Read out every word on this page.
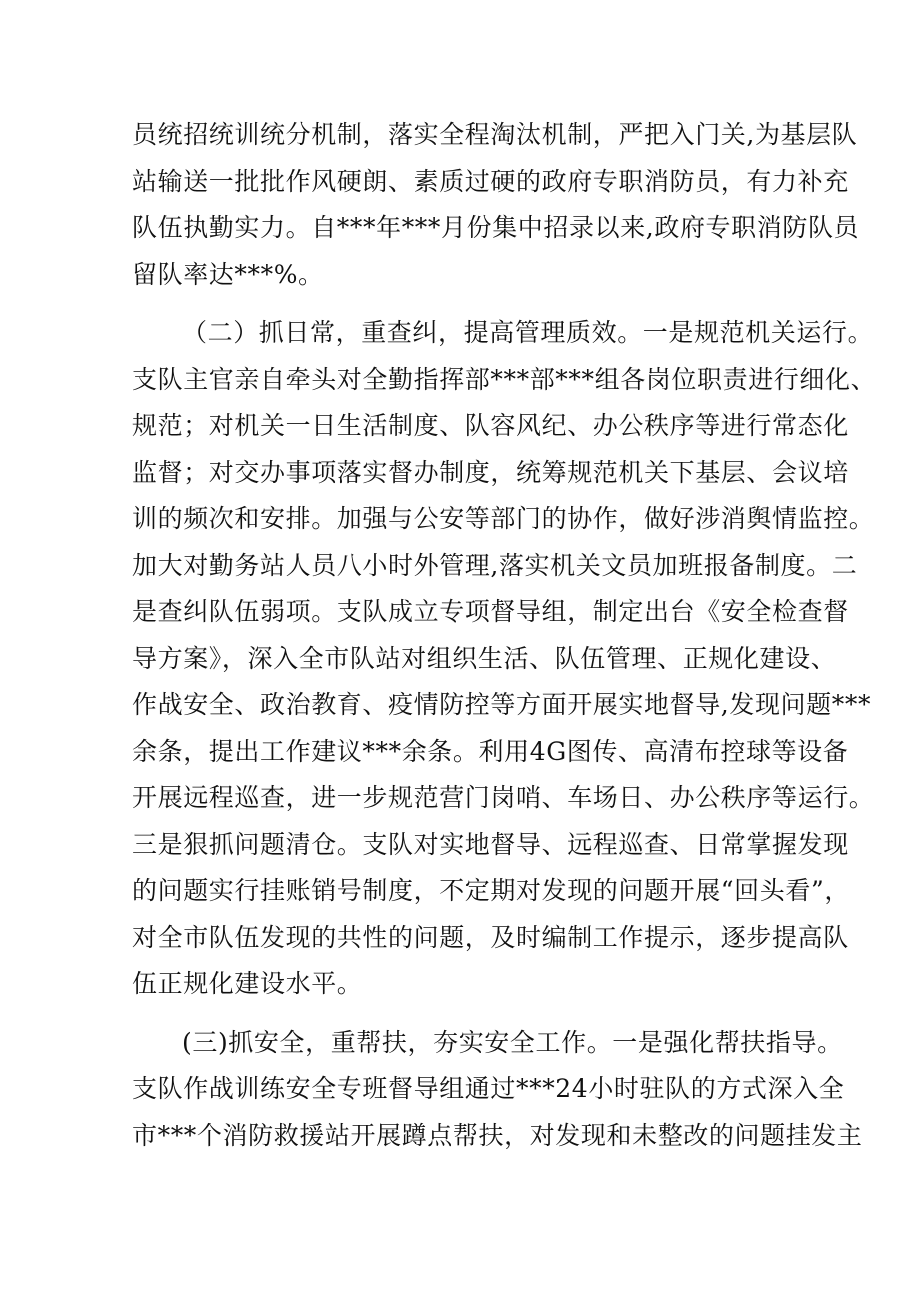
员统招统训统分机制，落实全程淘汰机制，严把入门关,为基层队
站输送一批批作风硬朗、素质过硬的政府专职消防员，有力补充
队伍执勤实力。自***年***月份集中招录以来,政府专职消防队员
留队率达***%。
（二）抓日常，重查纠，提高管理质效。一是规范机关运行。
支队主官亲自牵头对全勤指挥部***部***组各岗位职责进行细化、
规范；对机关一日生活制度、队容风纪、办公秩序等进行常态化
监督；对交办事项落实督办制度，统筹规范机关下基层、会议培
训的频次和安排。加强与公安等部门的协作，做好涉消舆情监控。
加大对勤务站人员八小时外管理,落实机关文员加班报备制度。二
是查纠队伍弱项。支队成立专项督导组，制定出台《安全检查督
导方案》，深入全市队站对组织生活、队伍管理、正规化建设、
作战安全、政治教育、疫情防控等方面开展实地督导,发现问题***
余条，提出工作建议***余条。利用4G图传、高清布控球等设备
开展远程巡查，进一步规范营门岗哨、车场日、办公秩序等运行。
三是狠抓问题清仓。支队对实地督导、远程巡查、日常掌握发现
的问题实行挂账销号制度，不定期对发现的问题开展“回头看”，
对全市队伍发现的共性的问题，及时编制工作提示，逐步提高队
伍正规化建设水平。
(三)抓安全，重帮扶，夯实安全工作。一是强化帮扶指导。
支队作战训练安全专班督导组通过***24小时驻队的方式深入全
市***个消防救援站开展蹲点帮扶，对发现和未整改的问题挂发主
